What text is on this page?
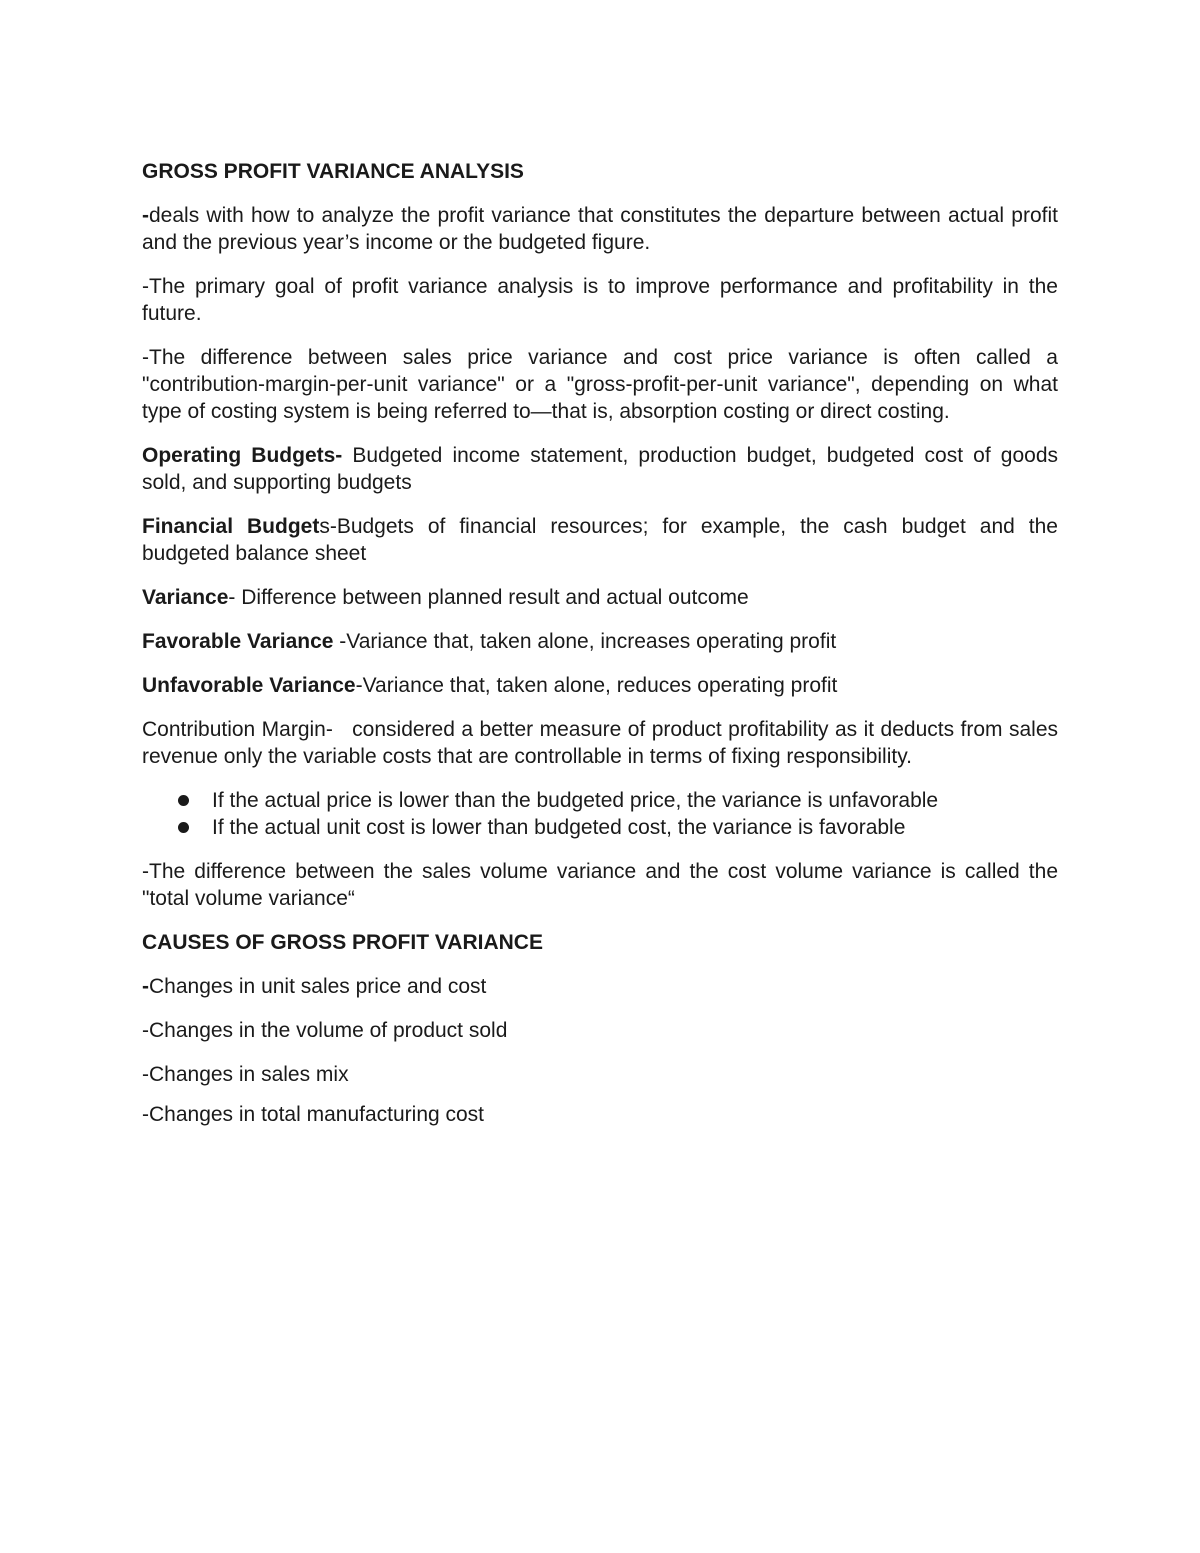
GROSS PROFIT VARIANCE ANALYSIS
-deals with how to analyze the profit variance that constitutes the departure between actual profit and the previous year’s income or the budgeted figure.
-The primary goal of profit variance analysis is to improve performance and profitability in the future.
-The difference between sales price variance and cost price variance is often called a "contribution-margin-per-unit variance" or a "gross-profit-per-unit variance", depending on what type of costing system is being referred to—that is, absorption costing or direct costing.
Operating Budgets- Budgeted income statement, production budget, budgeted cost of goods sold, and supporting budgets
Financial Budgets-Budgets of financial resources; for example, the cash budget and the budgeted balance sheet
Variance- Difference between planned result and actual outcome
Favorable Variance -Variance that, taken alone, increases operating profit
Unfavorable Variance-Variance that, taken alone, reduces operating profit
Contribution Margin-   considered a better measure of product profitability as it deducts from sales revenue only the variable costs that are controllable in terms of fixing responsibility.
If the actual price is lower than the budgeted price, the variance is unfavorable
If the actual unit cost is lower than budgeted cost, the variance is favorable
-The difference between the sales volume variance and the cost volume variance is called the "total volume variance“
CAUSES OF GROSS PROFIT VARIANCE
-Changes in unit sales price and cost
-Changes in the volume of product sold
-Changes in sales mix
-Changes in total manufacturing cost
